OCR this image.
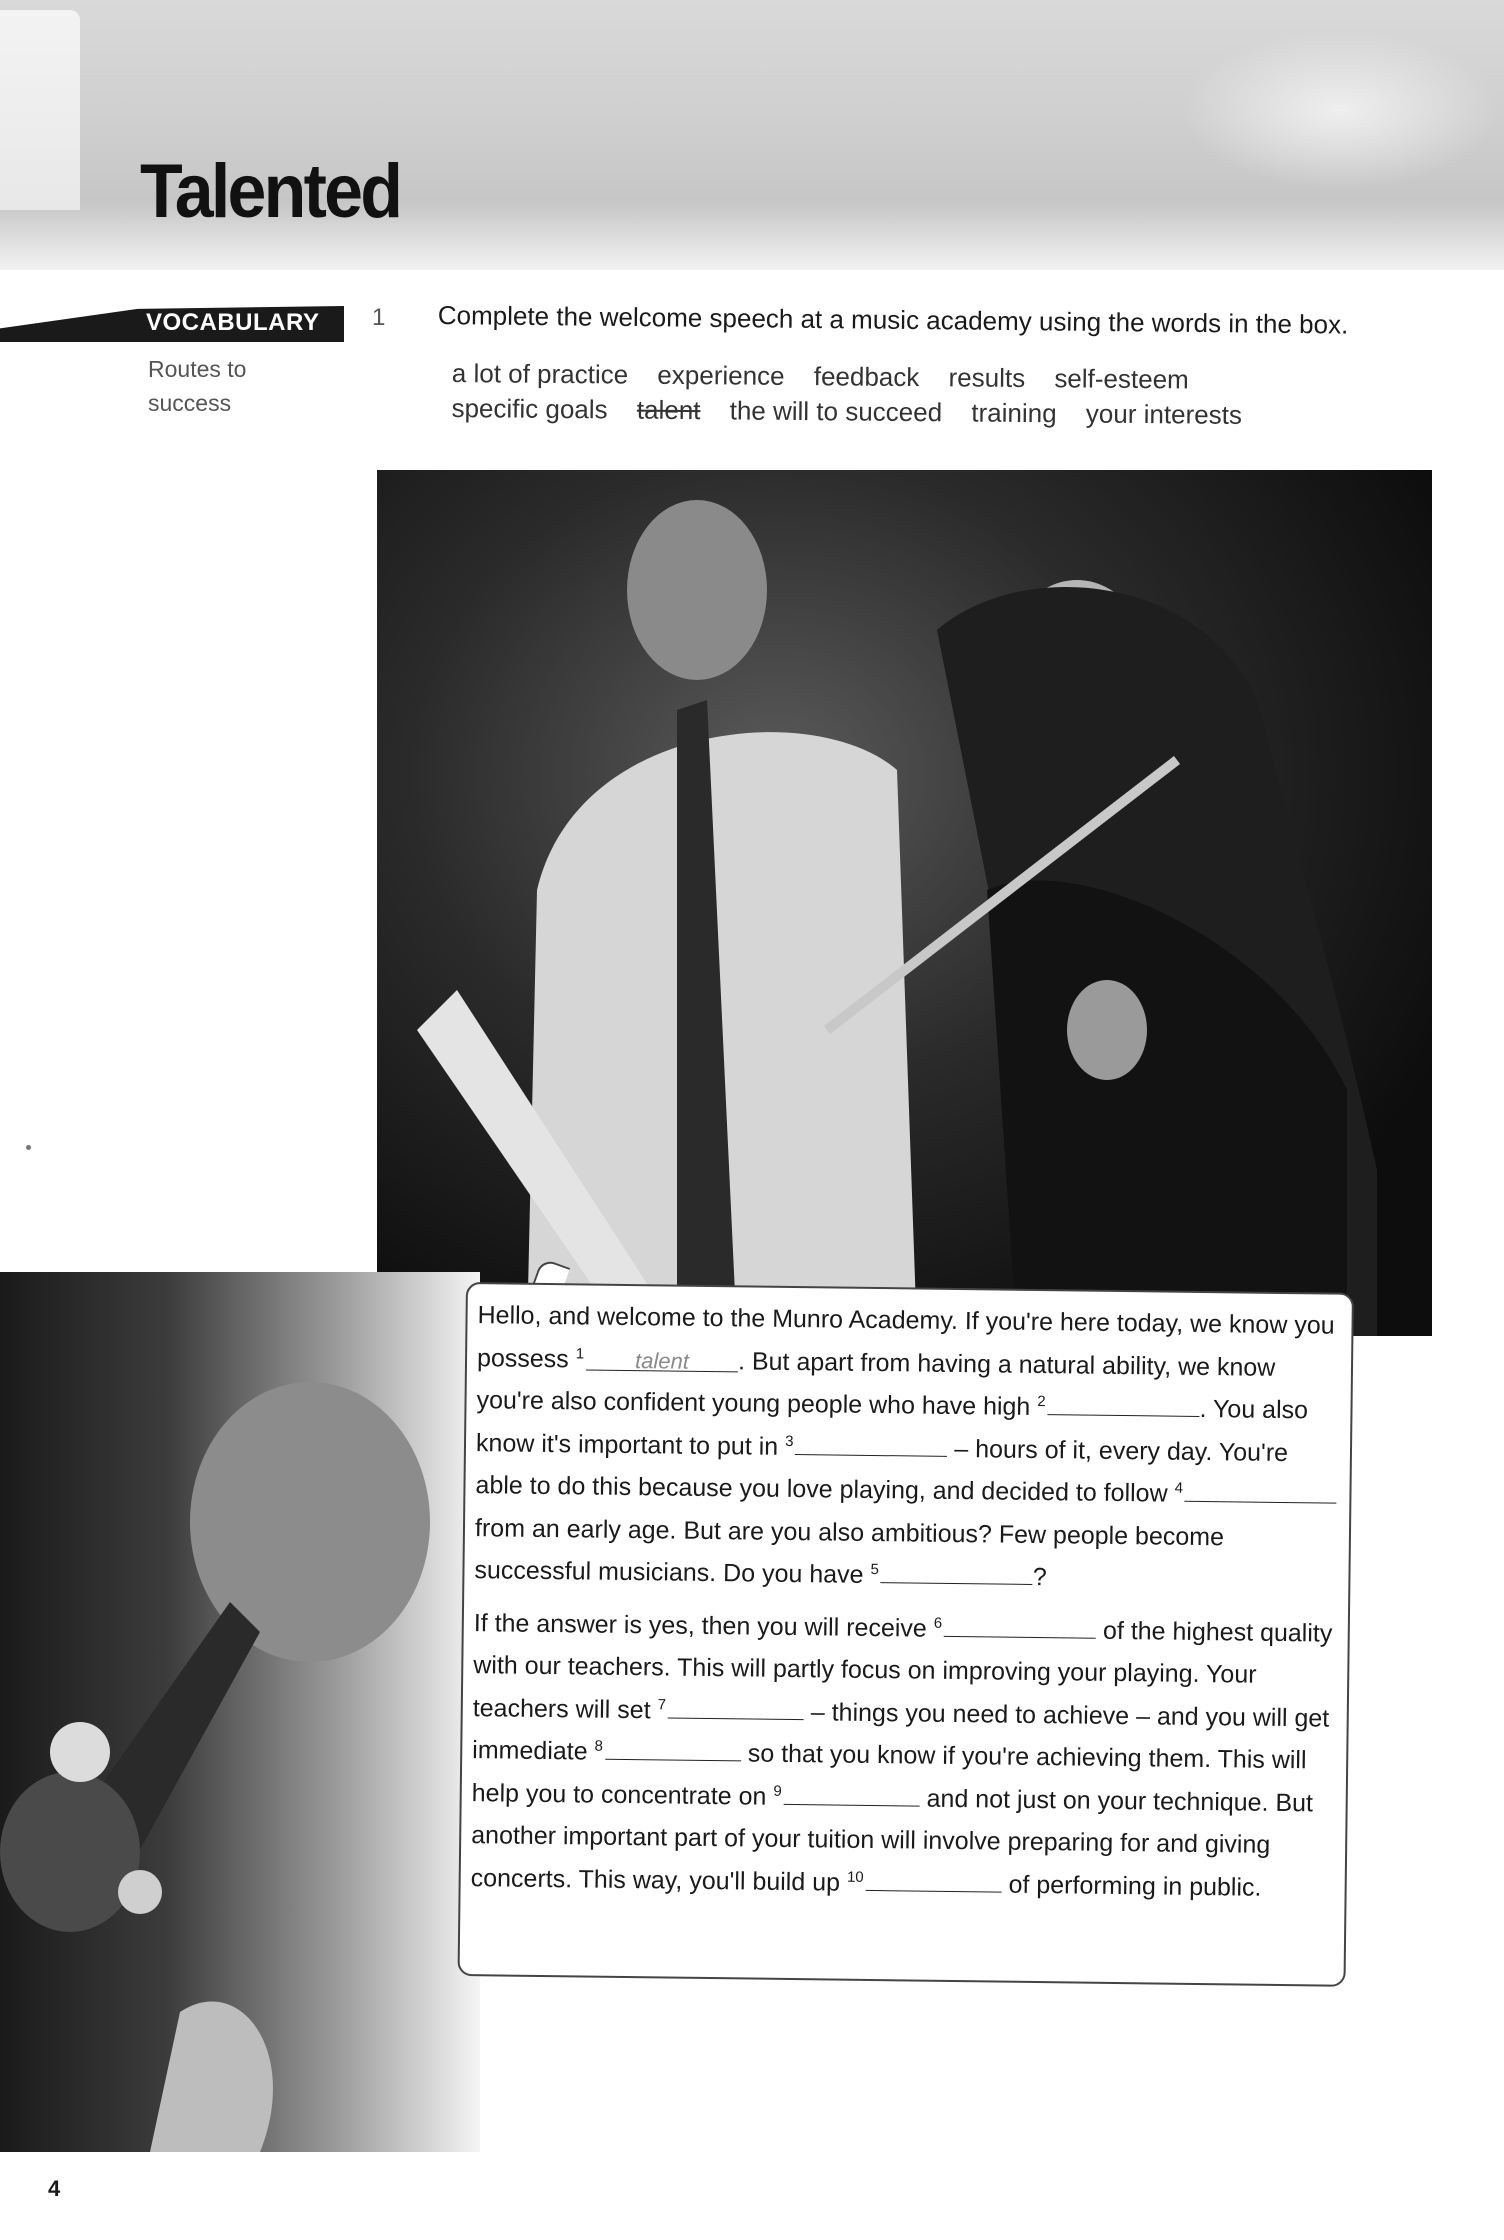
Talented
VOCABULARY
Routes to success
1 Complete the welcome speech at a music academy using the words in the box.
a lot of practice experience feedback results self-esteem
specific goals talent the will to succeed training your interests
Hello, and welcome to the Munro Academy. If you're here today, we know you possess $^1$ talent . But apart from having a natural ability, we know you're also confident young people who have high $^2$	. You also know it's important to put in $^3$	– hours of it, every day. You're able to do this because you love playing, and decided to follow $^4$ from an early age. But are you also ambitious? Few people become successful musicians. Do you have $^5$	?
If the answer is yes, then you will receive $^6$	of the highest quality with our teachers. This will partly focus on improving your playing. Your teachers will set $^7$	– things you need to achieve – and you will get immediate $^8$	so that you know if you're achieving them. This will help you to concentrate on $^9$	and not just on your technique. But another important part of your tuition will involve preparing for and giving concerts. This way, you'll build up $^{10}$	of performing in public.
4
